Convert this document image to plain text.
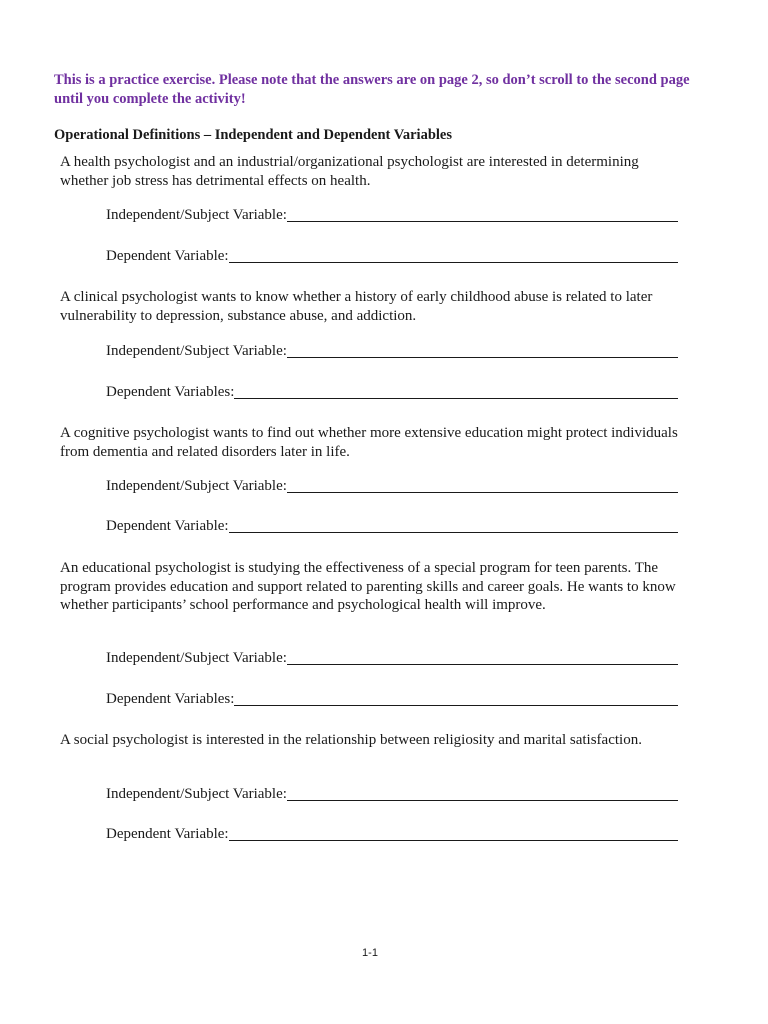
This is a practice exercise. Please note that the answers are on page 2, so don’t scroll to the second page until you complete the activity!
Operational Definitions – Independent and Dependent Variables
A health psychologist and an industrial/organizational psychologist are interested in determining whether job stress has detrimental effects on health.
Independent/Subject Variable:
Dependent Variable:
A clinical psychologist wants to know whether a history of early childhood abuse is related to later vulnerability to depression, substance abuse, and addiction.
Independent/Subject Variable:
Dependent Variables:
A cognitive psychologist wants to find out whether more extensive education might protect individuals from dementia and related disorders later in life.
Independent/Subject Variable:
Dependent Variable:
An educational psychologist is studying the effectiveness of a special program for teen parents. The program provides education and support related to parenting skills and career goals. He wants to know whether participants’ school performance and psychological health will improve.
Independent/Subject Variable:
Dependent Variables:
A social psychologist is interested in the relationship between religiosity and marital satisfaction.
Independent/Subject Variable:
Dependent Variable:
1-1
